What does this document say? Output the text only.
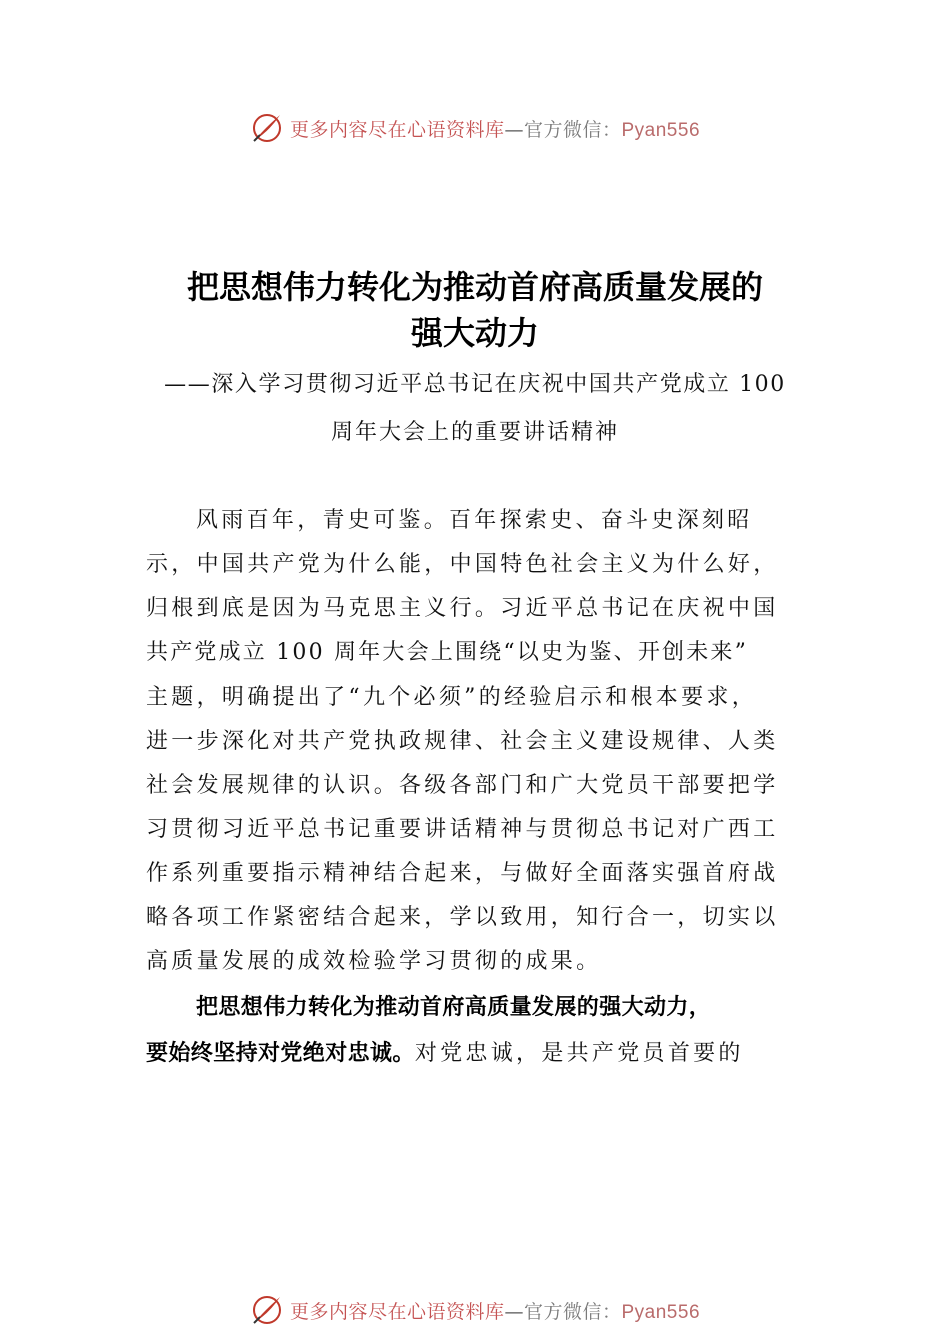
更多内容尽在心语资料库—官方微信：Pyan556
把思想伟力转化为推动首府高质量发展的
强大动力
——深入学习贯彻习近平总书记在庆祝中国共产党成立 100
周年大会上的重要讲话精神
风雨百年，青史可鉴。百年探索史、奋斗史深刻昭
示，中国共产党为什么能，中国特色社会主义为什么好，
归根到底是因为马克思主义行。习近平总书记在庆祝中国
共产党成立 100 周年大会上围绕“以史为鉴、开创未来”
主题，明确提出了“九个必须”的经验启示和根本要求，
进一步深化对共产党执政规律、社会主义建设规律、人类
社会发展规律的认识。各级各部门和广大党员干部要把学
习贯彻习近平总书记重要讲话精神与贯彻总书记对广西工
作系列重要指示精神结合起来，与做好全面落实强首府战
略各项工作紧密结合起来，学以致用，知行合一，切实以
高质量发展的成效检验学习贯彻的成果。
把思想伟力转化为推动首府高质量发展的强大动力，
要始终坚持对党绝对忠诚。对党忠诚，是共产党员首要的
更多内容尽在心语资料库—官方微信：Pyan556
